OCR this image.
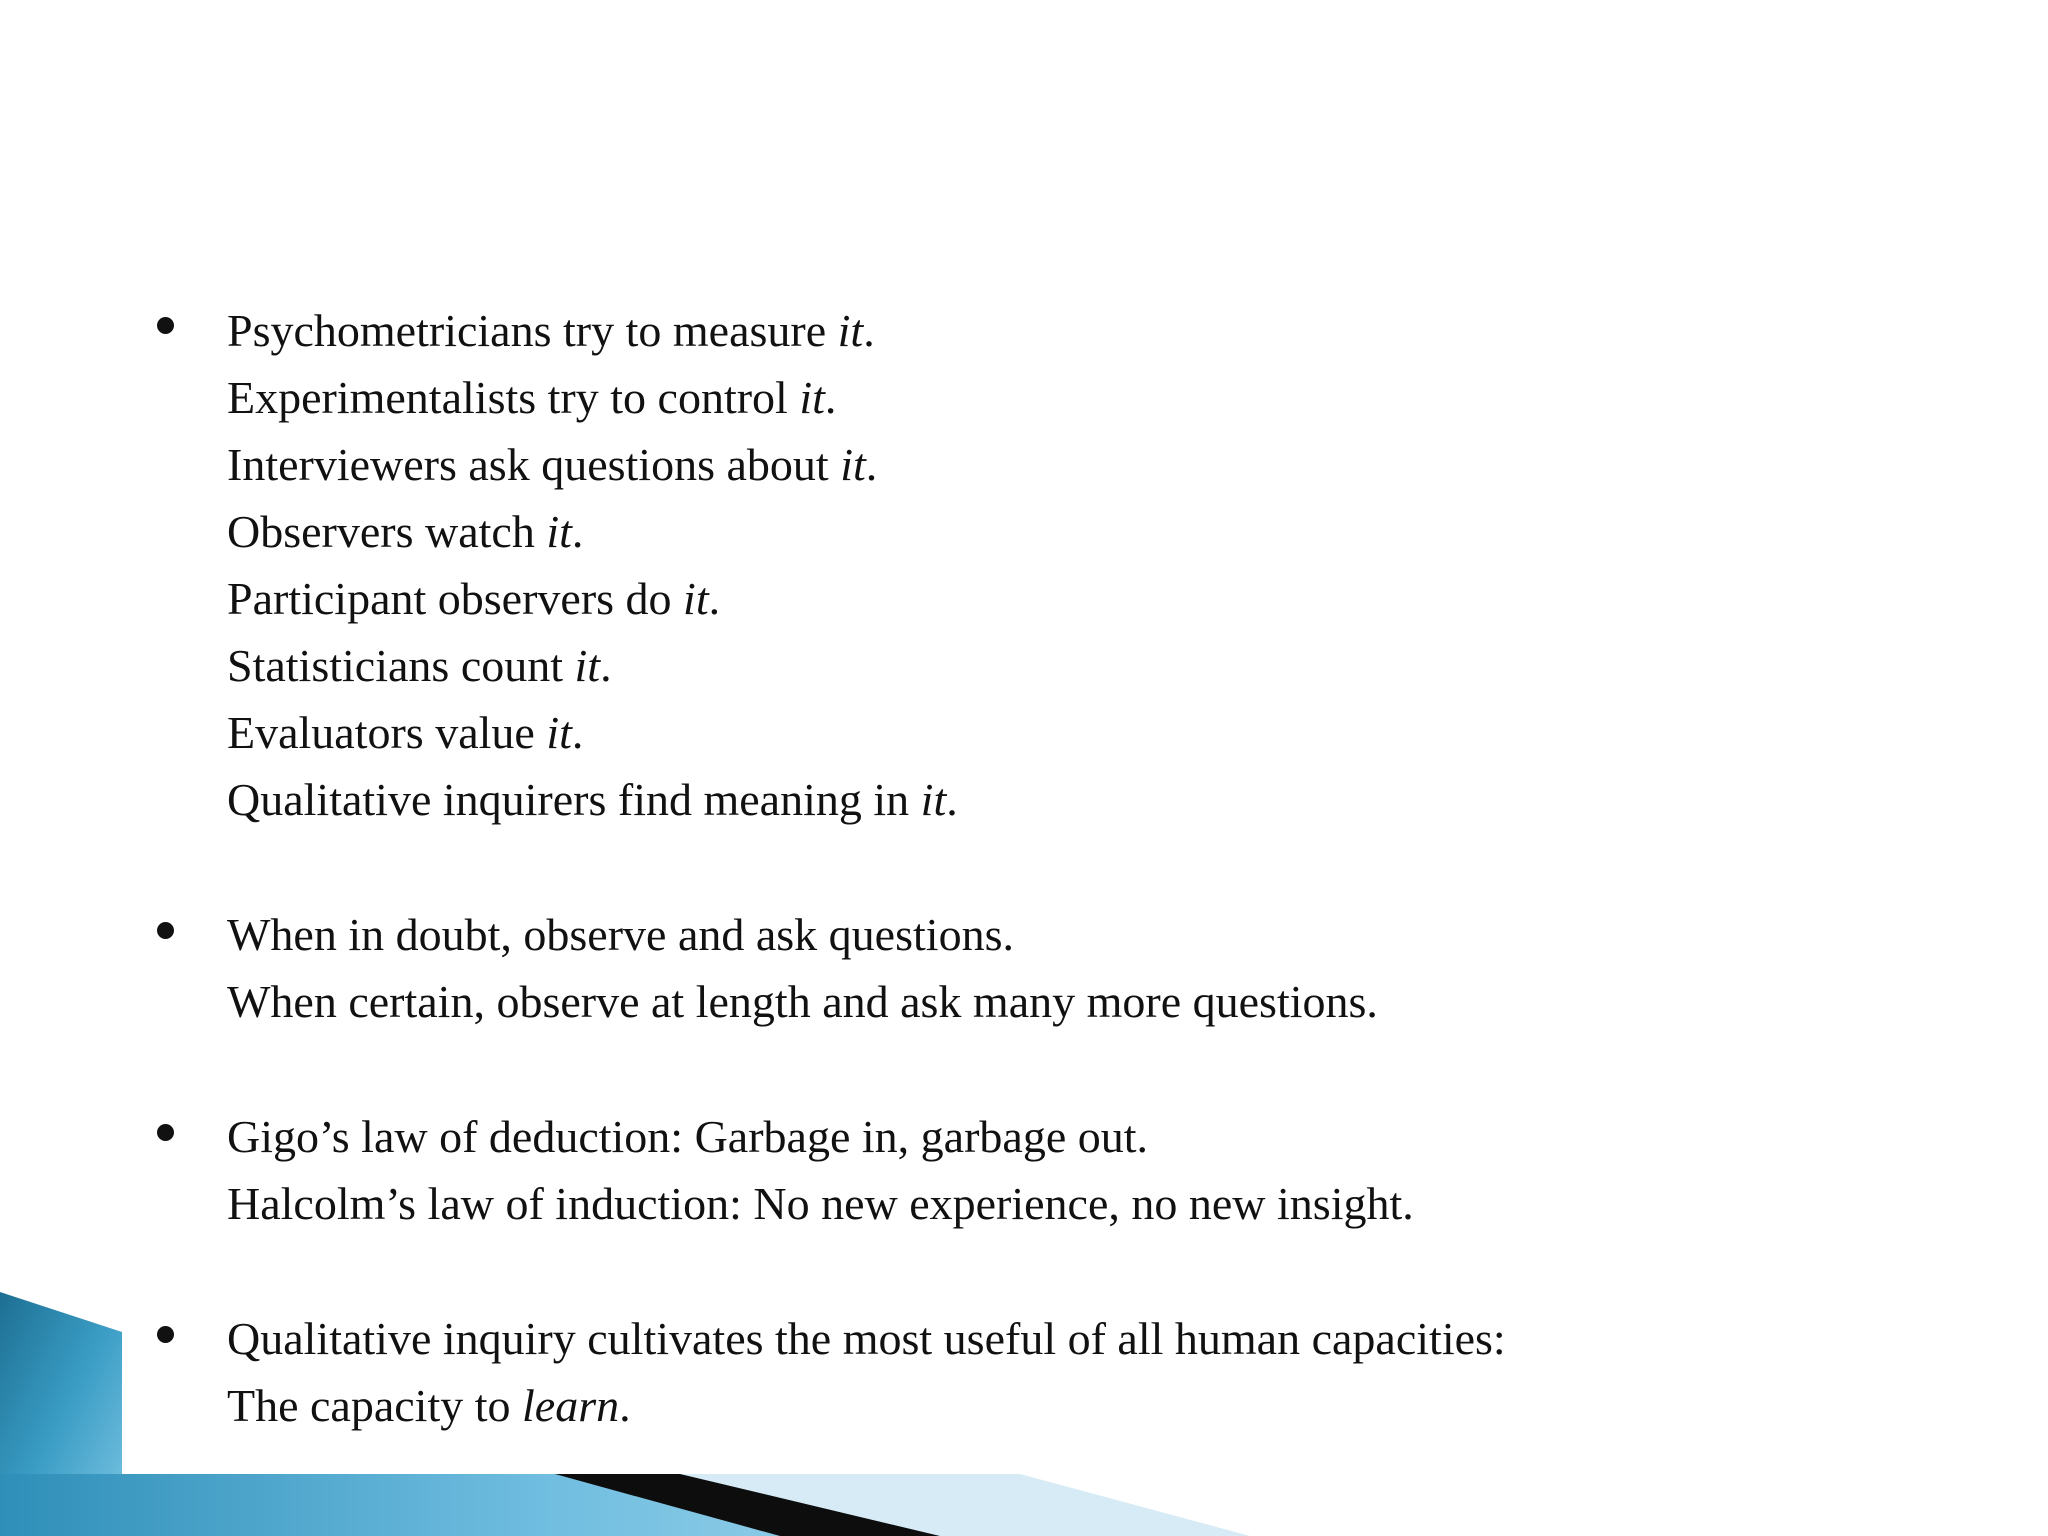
Psychometricians try to measure it.
Experimentalists try to control it.
Interviewers ask questions about it.
Observers watch it.
Participant observers do it.
Statisticians count it.
Evaluators value it.
Qualitative inquirers find meaning in it.
When in doubt, observe and ask questions.
When certain, observe at length and ask many more questions.
Gigo’s law of deduction: Garbage in, garbage out.
Halcolm’s law of induction: No new experience, no new insight.
Qualitative inquiry cultivates the most useful of all human capacities:
The capacity to learn.
